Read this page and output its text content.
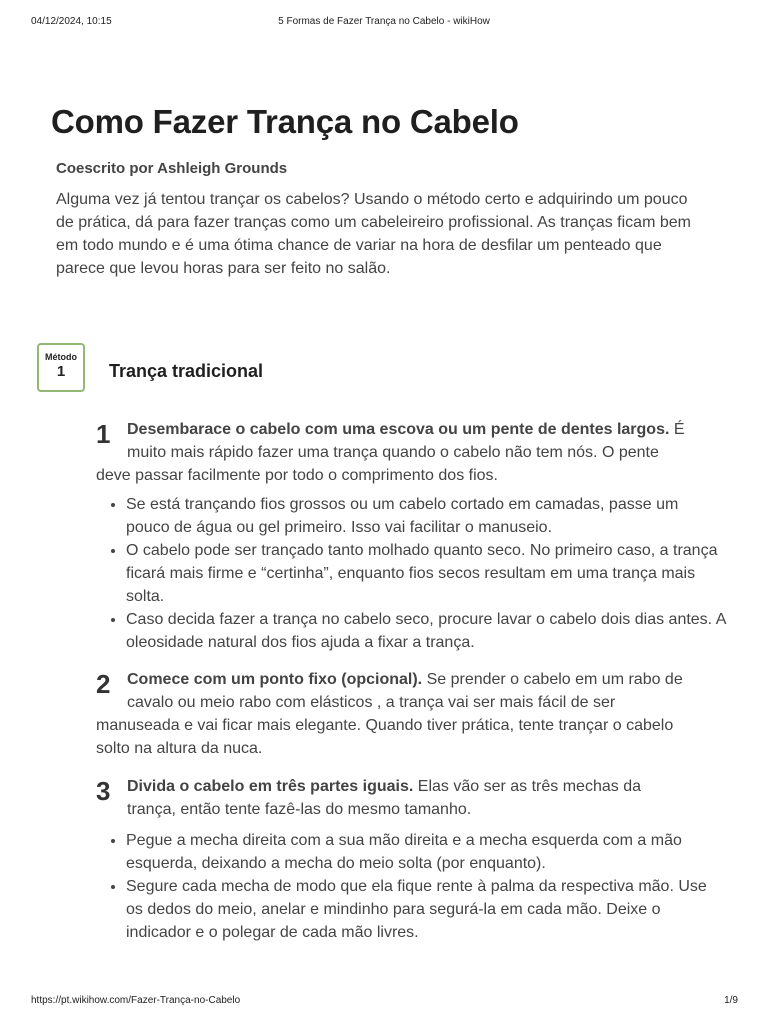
04/12/2024, 10:15	5 Formas de Fazer Trança no Cabelo - wikiHow
Como Fazer Trança no Cabelo
Coescrito por Ashleigh Grounds

Alguma vez já tentou trançar os cabelos? Usando o método certo e adquirindo um pouco de prática, dá para fazer tranças como um cabeleireiro profissional. As tranças ficam bem em todo mundo e é uma ótima chance de variar na hora de desfilar um penteado que parece que levou horas para ser feito no salão.

Método
1	Trança tradicional

1	Desembarace o cabelo com uma escova ou um pente de dentes largos. É muito mais rápido fazer uma trança quando o cabelo não tem nós. O pente deve passar facilmente por todo o comprimento dos fios.

• Se está trançando fios grossos ou um cabelo cortado em camadas, passe um pouco de água ou gel primeiro. Isso vai facilitar o manuseio.
• O cabelo pode ser trançado tanto molhado quanto seco. No primeiro caso, a trança ficará mais firme e “certinha”, enquanto fios secos resultam em uma trança mais solta.
• Caso decida fazer a trança no cabelo seco, procure lavar o cabelo dois dias antes. A oleosidade natural dos fios ajuda a fixar a trança.

2	Comece com um ponto fixo (opcional). Se prender o cabelo em um rabo de cavalo ou meio rabo com elásticos , a trança vai ser mais fácil de ser manuseada e vai ficar mais elegante. Quando tiver prática, tente trançar o cabelo solto na altura da nuca.

3	Divida o cabelo em três partes iguais. Elas vão ser as três mechas da trança, então tente fazê-las do mesmo tamanho.

• Pegue a mecha direita com a sua mão direita e a mecha esquerda com a mão esquerda, deixando a mecha do meio solta (por enquanto).
• Segure cada mecha de modo que ela fique rente à palma da respectiva mão. Use os dedos do meio, anelar e mindinho para segurá-la em cada mão. Deixe o indicador e o polegar de cada mão livres.
https://pt.wikihow.com/Fazer-Trança-no-Cabelo	1/9
